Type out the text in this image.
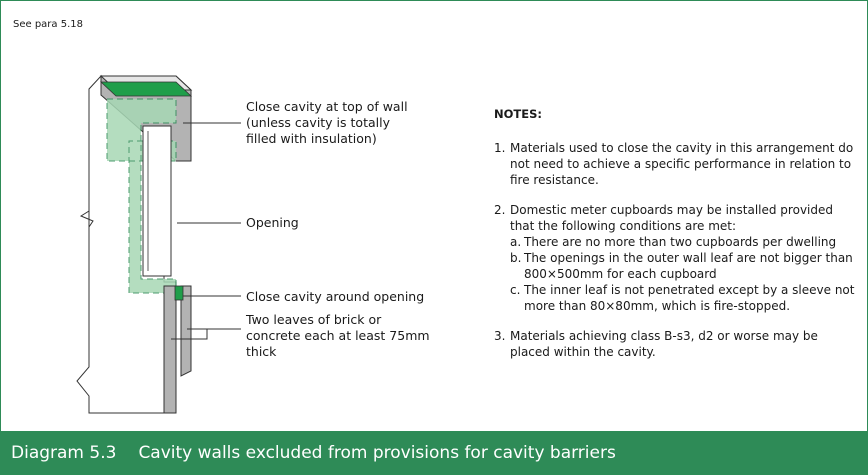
See para 5.18
Close cavity at top of wall
(unless cavity is totally
filled with insulation)
Opening
Close cavity around opening
Two leaves of brick or
concrete each at least 75mm
thick
NOTES:
1. Materials used to close the cavity in this arrangement do not need to achieve a specific performance in relation to fire resistance.
2. Domestic meter cupboards may be installed provided that the following conditions are met:
a. There are no more than two cupboards per dwelling
b. The openings in the outer wall leaf are not bigger than 800×500mm for each cupboard
c. The inner leaf is not penetrated except by a sleeve not more than 80×80mm, which is fire-stopped.
3. Materials achieving class B-s3, d2 or worse may be placed within the cavity.
Diagram 5.3 Cavity walls excluded from provisions for cavity barriers
